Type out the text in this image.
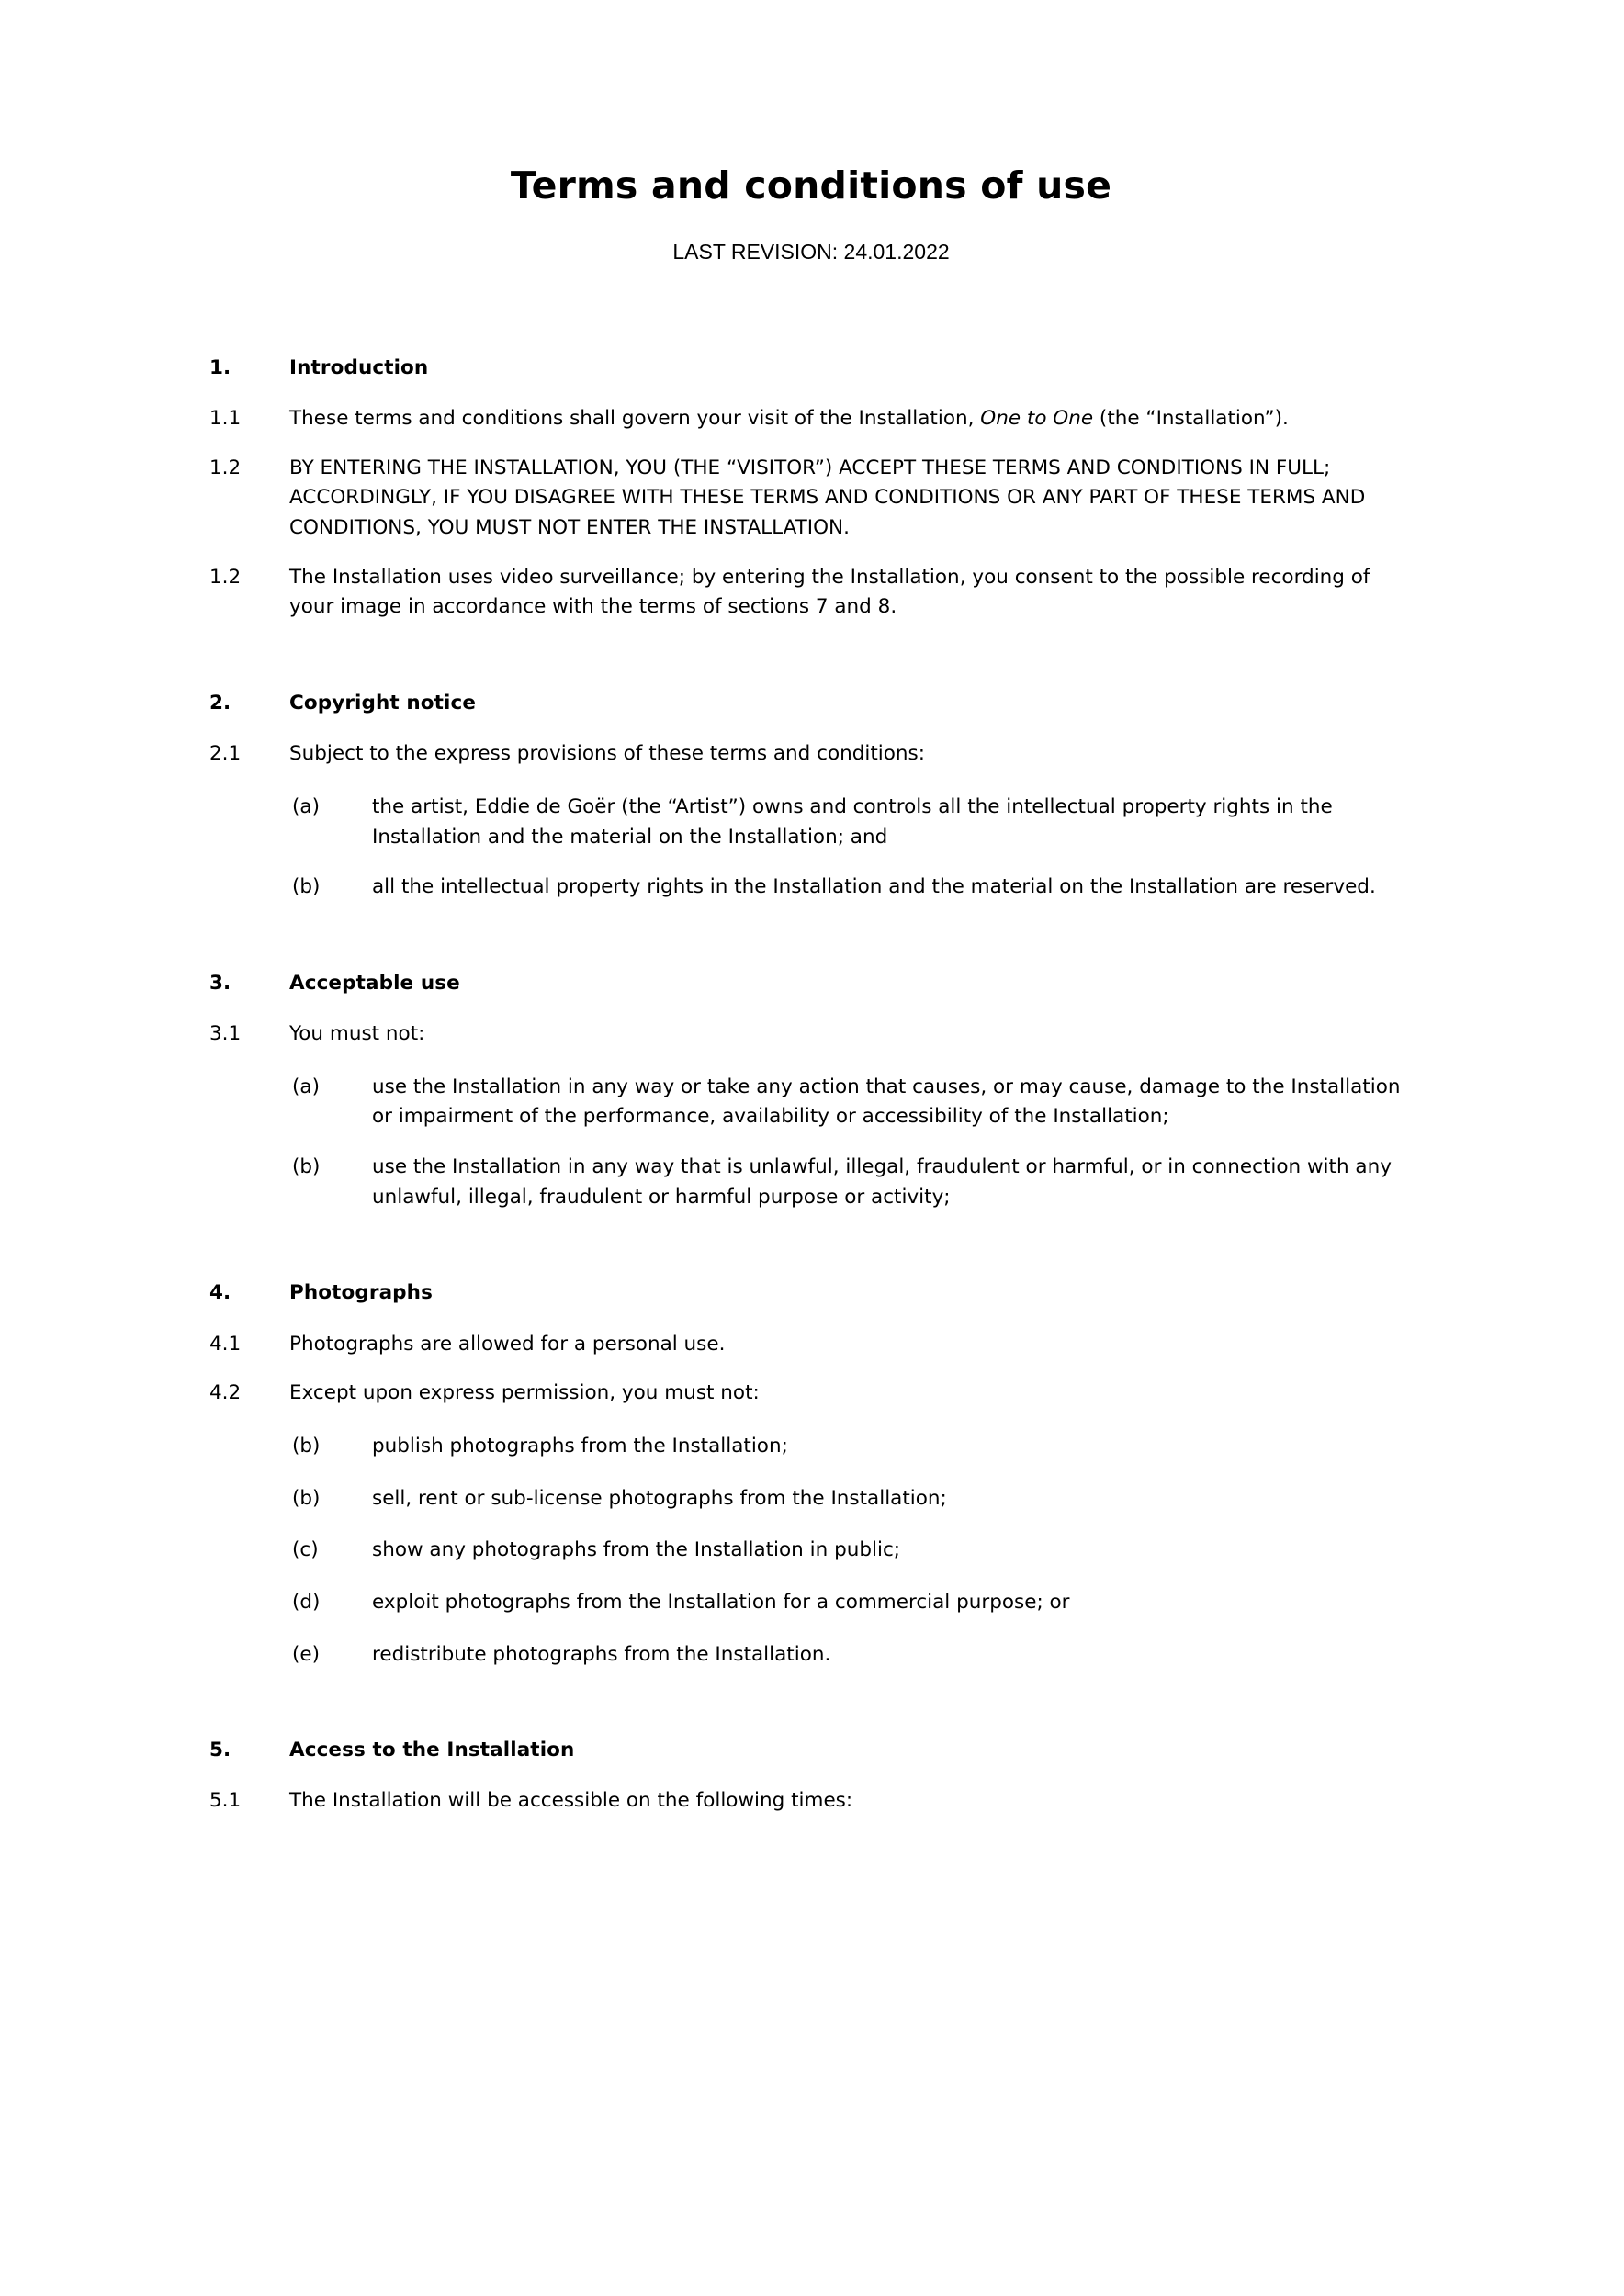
Terms and conditions of use

LAST REVISION: 24.01.2022

1.	Introduction
1.1	These terms and conditions shall govern your visit of the Installation, One to One (the “Installation”).
1.2	BY ENTERING THE INSTALLATION, YOU (THE “VISITOR”) ACCEPT THESE TERMS AND CONDITIONS IN FULL; ACCORDINGLY, IF YOU DISAGREE WITH THESE TERMS AND CONDITIONS OR ANY PART OF THESE TERMS AND CONDITIONS, YOU MUST NOT ENTER THE INSTALLATION.
1.2	The Installation uses video surveillance; by entering the Installation, you consent to the possible recording of your image in accordance with the terms of sections 7 and 8.
2.	Copyright notice
2.1	Subject to the express provisions of these terms and conditions:
(a)	the artist, Eddie de Goër (the “Artist”) owns and controls all the intellectual property rights in the Installation and the material on the Installation; and
(b)	all the intellectual property rights in the Installation and the material on the Installation are reserved.
3.	Acceptable use
3.1	You must not:
(a)	use the Installation in any way or take any action that causes, or may cause, damage to the Installation or impairment of the performance, availability or accessibility of the Installation;
(b)	use the Installation in any way that is unlawful, illegal, fraudulent or harmful, or in connection with any unlawful, illegal, fraudulent or harmful purpose or activity;
4.	Photographs
4.1	Photographs are allowed for a personal use.
4.2	Except upon express permission, you must not:
(b)	publish photographs from the Installation;
(b)	sell, rent or sub-license photographs from the Installation;
(c)	show any photographs from the Installation in public;
(d)	exploit photographs from the Installation for a commercial purpose; or
(e)	redistribute photographs from the Installation.
5.	Access to the Installation
5.1	The Installation will be accessible on the following times:
